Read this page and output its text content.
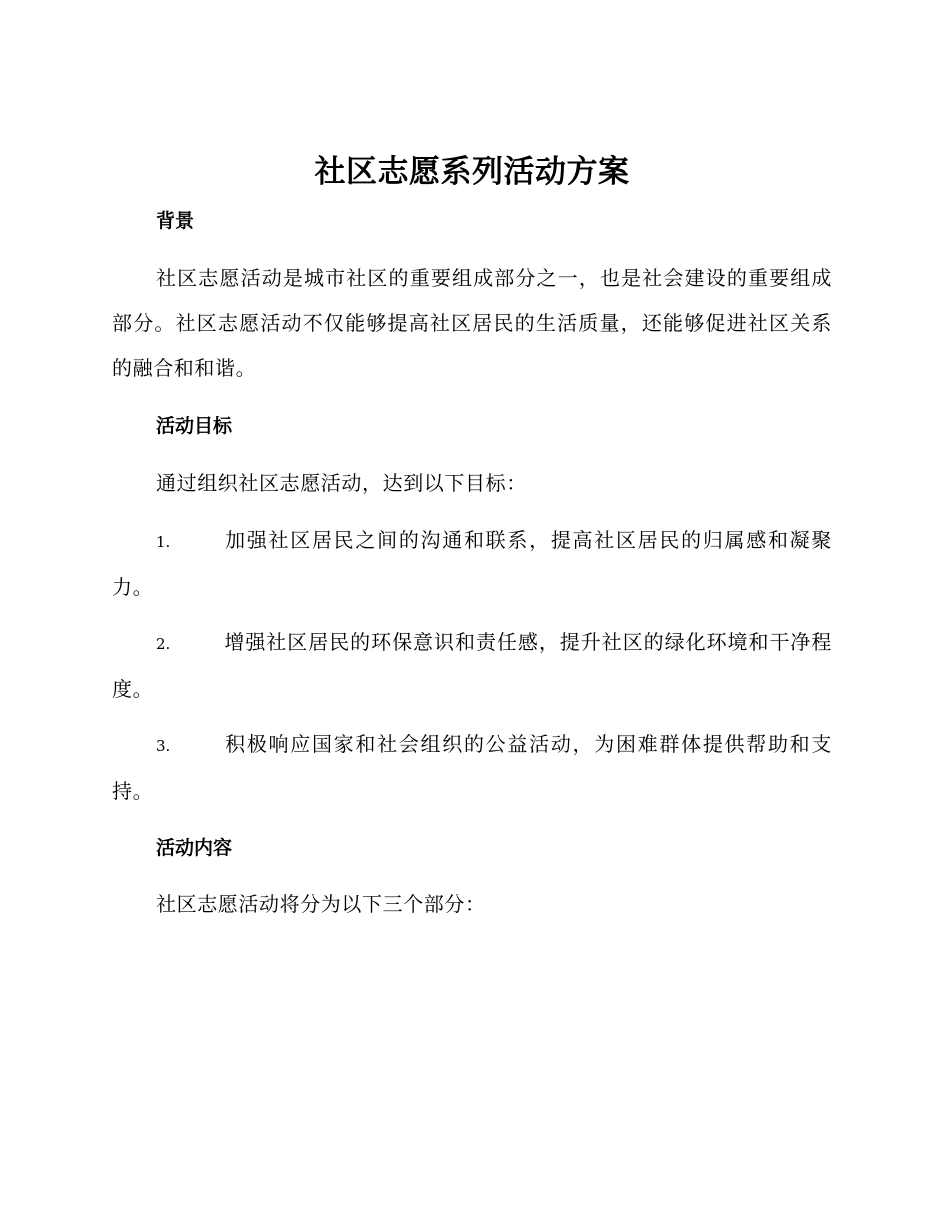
社区志愿系列活动方案
背景

社区志愿活动是城市社区的重要组成部分之一，也是社会建设的重要组成部分。社区志愿活动不仅能够提高社区居民的生活质量，还能够促进社区关系的融合和和谐。

活动目标

通过组织社区志愿活动，达到以下目标：

1.	加强社区居民之间的沟通和联系，提高社区居民的归属感和凝聚力。
2.	增强社区居民的环保意识和责任感，提升社区的绿化环境和干净程度。
3.	积极响应国家和社会组织的公益活动，为困难群体提供帮助和支持。
活动内容

社区志愿活动将分为以下三个部分：
